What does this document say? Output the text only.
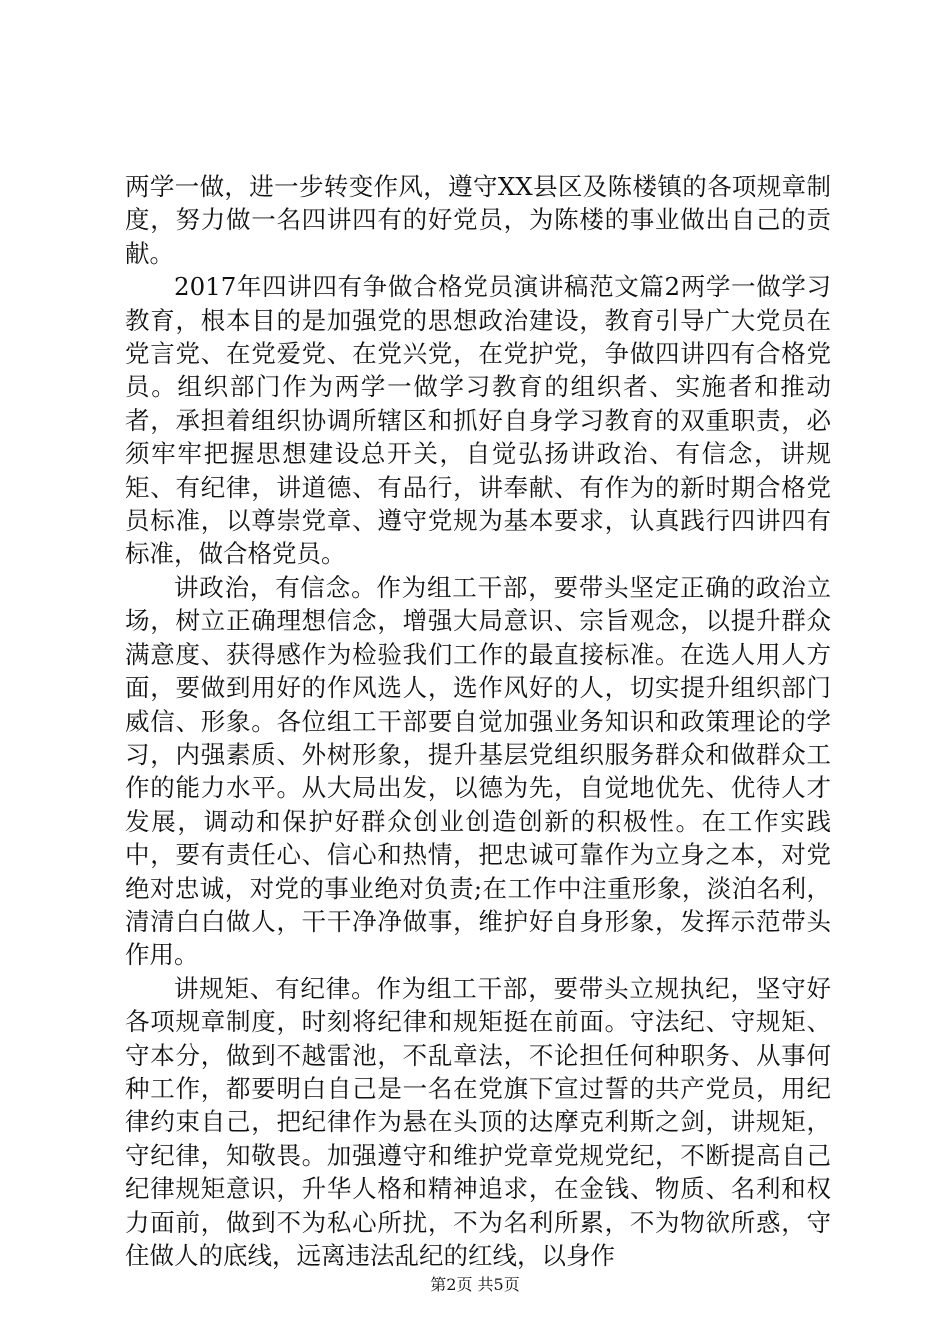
两学一做，进一步转变作风，遵守XX县区及陈楼镇的各项规章制度，努力做一名四讲四有的好党员，为陈楼的事业做出自己的贡献。

2017年四讲四有争做合格党员演讲稿范文篇2两学一做学习教育，根本目的是加强党的思想政治建设，教育引导广大党员在党言党、在党爱党、在党兴党，在党护党，争做四讲四有合格党员。组织部门作为两学一做学习教育的组织者、实施者和推动者，承担着组织协调所辖区和抓好自身学习教育的双重职责，必须牢牢把握思想建设总开关，自觉弘扬讲政治、有信念，讲规矩、有纪律，讲道德、有品行，讲奉献、有作为的新时期合格党员标准，以尊崇党章、遵守党规为基本要求，认真践行四讲四有标准，做合格党员。

讲政治，有信念。作为组工干部，要带头坚定正确的政治立场，树立正确理想信念，增强大局意识、宗旨观念，以提升群众满意度、获得感作为检验我们工作的最直接标准。在选人用人方面，要做到用好的作风选人，选作风好的人，切实提升组织部门威信、形象。各位组工干部要自觉加强业务知识和政策理论的学习，内强素质、外树形象，提升基层党组织服务群众和做群众工作的能力水平。从大局出发，以德为先，自觉地优先、优待人才发展，调动和保护好群众创业创造创新的积极性。在工作实践中，要有责任心、信心和热情，把忠诚可靠作为立身之本，对党绝对忠诚，对党的事业绝对负责;在工作中注重形象，淡泊名利，清清白白做人，干干净净做事，维护好自身形象，发挥示范带头作用。

讲规矩、有纪律。作为组工干部，要带头立规执纪，坚守好各项规章制度，时刻将纪律和规矩挺在前面。守法纪、守规矩、守本分，做到不越雷池，不乱章法，不论担任何种职务、从事何种工作，都要明白自己是一名在党旗下宣过誓的共产党员，用纪律约束自己，把纪律作为悬在头顶的达摩克利斯之剑，讲规矩，守纪律，知敬畏。加强遵守和维护党章党规党纪，不断提高自己纪律规矩意识，升华人格和精神追求，在金钱、物质、名利和权力面前，做到不为私心所扰，不为名利所累，不为物欲所惑，守住做人的底线，远离违法乱纪的红线，以身作

第2页 共5页
